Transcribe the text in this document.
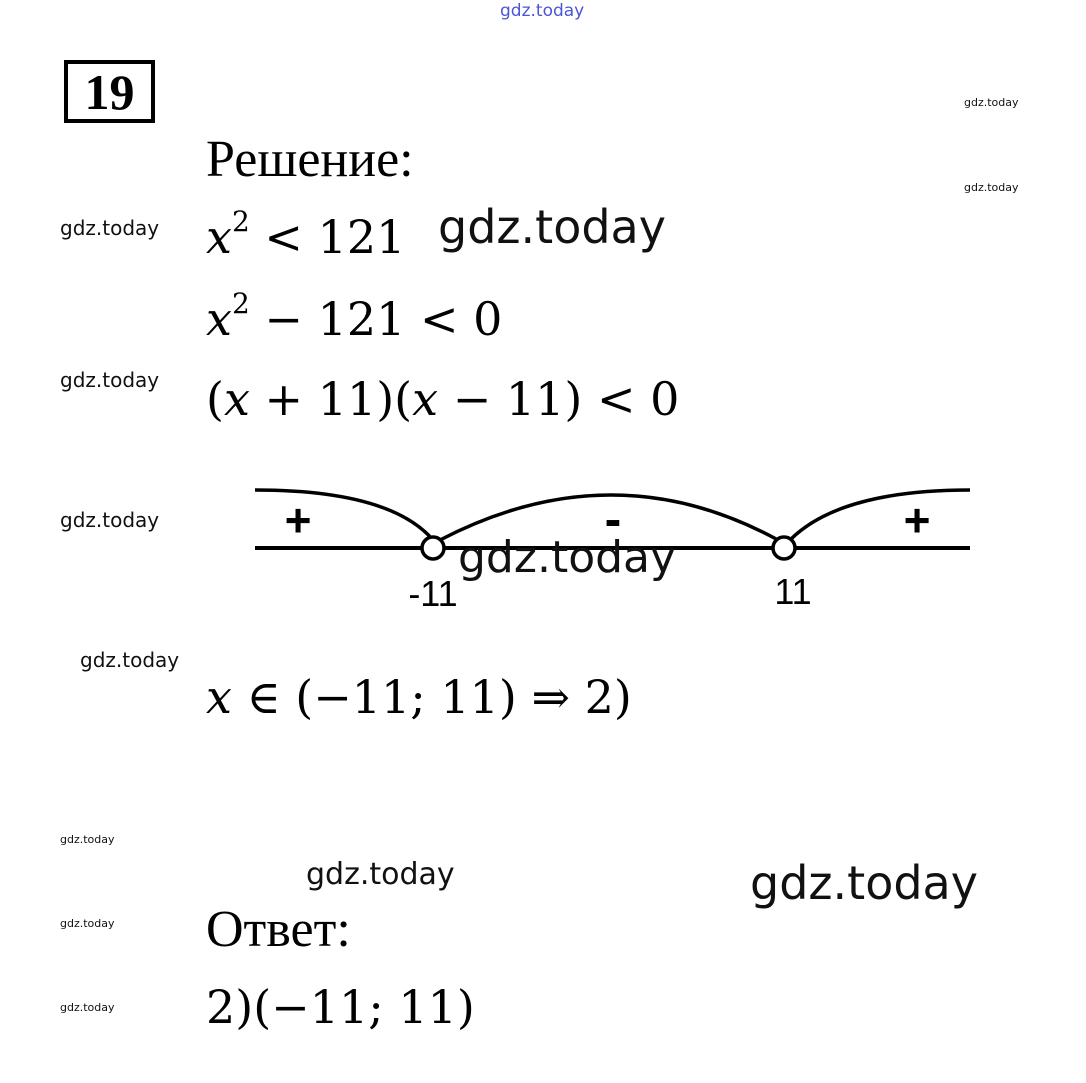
gdz.today
19	gdz.today
gdz.today
Решение:
gdz.today
gdz.today
gdz.today
gdz.today
$x^2 < 121$ gdz.today
$x^2 - 121 < 0$
(x + 11)(x − 11) < 0
+	-	+
-11	11
gdz.today
x ∈ (−11; 11) ⇒ 2)
gdz.today
gdz.today	gdz.today
gdz.today
gdz.today
Ответ:
2)(−11; 11)
